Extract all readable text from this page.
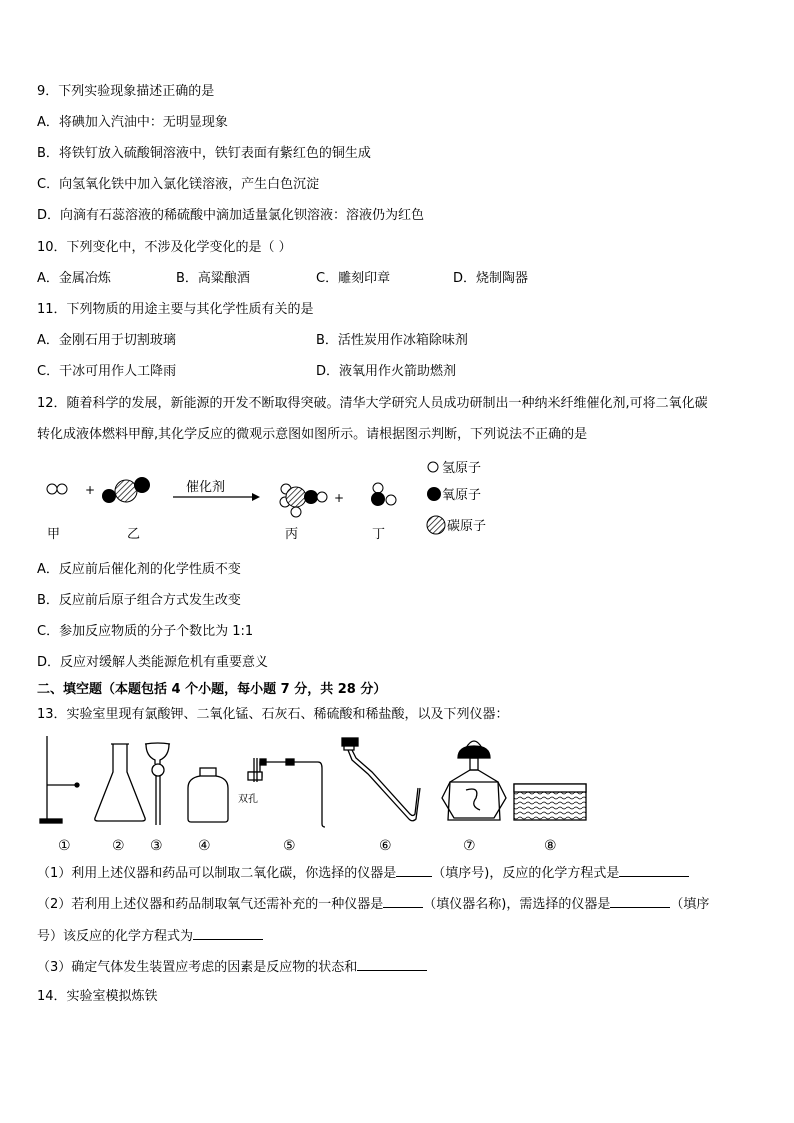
9．下列实验现象描述正确的是
A．将碘加入汽油中：无明显现象
B．将铁钉放入硫酸铜溶液中，铁钉表面有紫红色的铜生成
C．向氢氧化铁中加入氯化镁溶液，产生白色沉淀
D．向滴有石蕊溶液的稀硫酸中滴加适量氯化钡溶液：溶液仍为红色
10．下列变化中，不涉及化学变化的是（ ）
A．金属冶炼	B．高粱酿酒	C．雕刻印章	D．烧制陶器
11．下列物质的用途主要与其化学性质有关的是
A．金刚石用于切割玻璃	B．活性炭用作冰箱除味剂
C．干冰可用作人工降雨	D．液氧用作火箭助燃剂
12．随着科学的发展，新能源的开发不断取得突破。清华大学研究人员成功研制出一种纳米纤维催化剂,可将二氧化碳
转化成液体燃料甲醇,其化学反应的微观示意图如图所示。请根据图示判断，下列说法不正确的是
+	催化剂
+
氢原子
氧原子
碳原子
甲	乙	丙	丁
A．反应前后催化剂的化学性质不变
B．反应前后原子组合方式发生改变
C．参加反应物质的分子个数比为 1:1
D．反应对缓解人类能源危机有重要意义
二、填空题（本题包括 4 个小题，每小题 7 分，共 28 分）
13．实验室里现有氯酸钾、二氧化锰、石灰石、稀硫酸和稀盐酸，以及下列仪器：
双孔
①	② ③	④	⑤	⑥	⑦	⑧
（1）利用上述仪器和药品可以制取二氧化碳，你选择的仪器是	（填序号)，反应的化学方程式是
（2）若利用上述仪器和药品制取氧气还需补充的一种仪器是	（填仪器名称)，需选择的仪器是	（填序
号）该反应的化学方程式为
（3）确定气体发生装置应考虑的因素是反应物的状态和
14．实验室模拟炼铁
